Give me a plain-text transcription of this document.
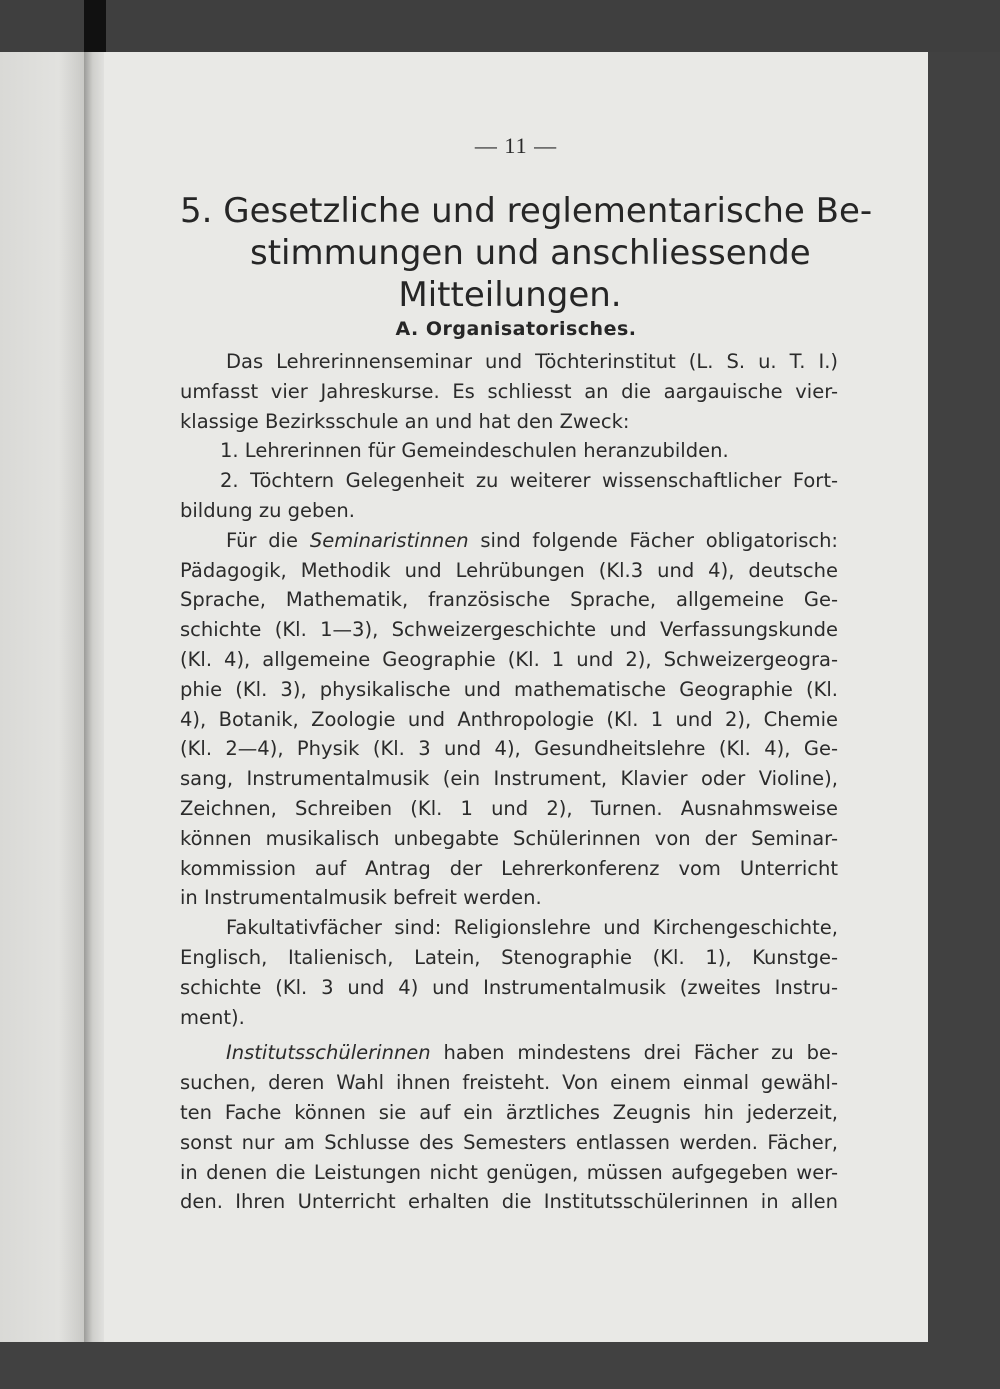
— 11 —
5. Gesetzliche und reglementarische Be-
stimmungen und anschliessende
Mitteilungen.
A. Organisatorisches.
Das Lehrerinnenseminar und Töchterinstitut (L. S. u. T. I.)
umfasst vier Jahreskurse. Es schliesst an die aargauische vier-
klassige Bezirksschule an und hat den Zweck:
1. Lehrerinnen für Gemeindeschulen heranzubilden.
2. Töchtern Gelegenheit zu weiterer wissenschaftlicher Fort-
bildung zu geben.
Für die Seminaristinnen sind folgende Fächer obligatorisch:
Pädagogik, Methodik und Lehrübungen (Kl.3 und 4), deutsche
Sprache, Mathematik, französische Sprache, allgemeine Ge-
schichte (Kl. 1—3), Schweizergeschichte und Verfassungskunde
(Kl. 4), allgemeine Geographie (Kl. 1 und 2), Schweizergeogra-
phie (Kl. 3), physikalische und mathematische Geographie (Kl.
4), Botanik, Zoologie und Anthropologie (Kl. 1 und 2), Chemie
(Kl. 2—4), Physik (Kl. 3 und 4), Gesundheitslehre (Kl. 4), Ge-
sang, Instrumentalmusik (ein Instrument, Klavier oder Violine),
Zeichnen, Schreiben (Kl. 1 und 2), Turnen. Ausnahmsweise
können musikalisch unbegabte Schülerinnen von der Seminar-
kommission auf Antrag der Lehrerkonferenz vom Unterricht
in Instrumentalmusik befreit werden.
Fakultativfächer sind: Religionslehre und Kirchengeschichte,
Englisch, Italienisch, Latein, Stenographie (Kl. 1), Kunstge-
schichte (Kl. 3 und 4) und Instrumentalmusik (zweites Instru-
ment).
Institutsschülerinnen haben mindestens drei Fächer zu be-
suchen, deren Wahl ihnen freisteht. Von einem einmal gewähl-
ten Fache können sie auf ein ärztliches Zeugnis hin jederzeit,
sonst nur am Schlusse des Semesters entlassen werden. Fächer,
in denen die Leistungen nicht genügen, müssen aufgegeben wer-
den. Ihren Unterricht erhalten die Institutsschülerinnen in allen
